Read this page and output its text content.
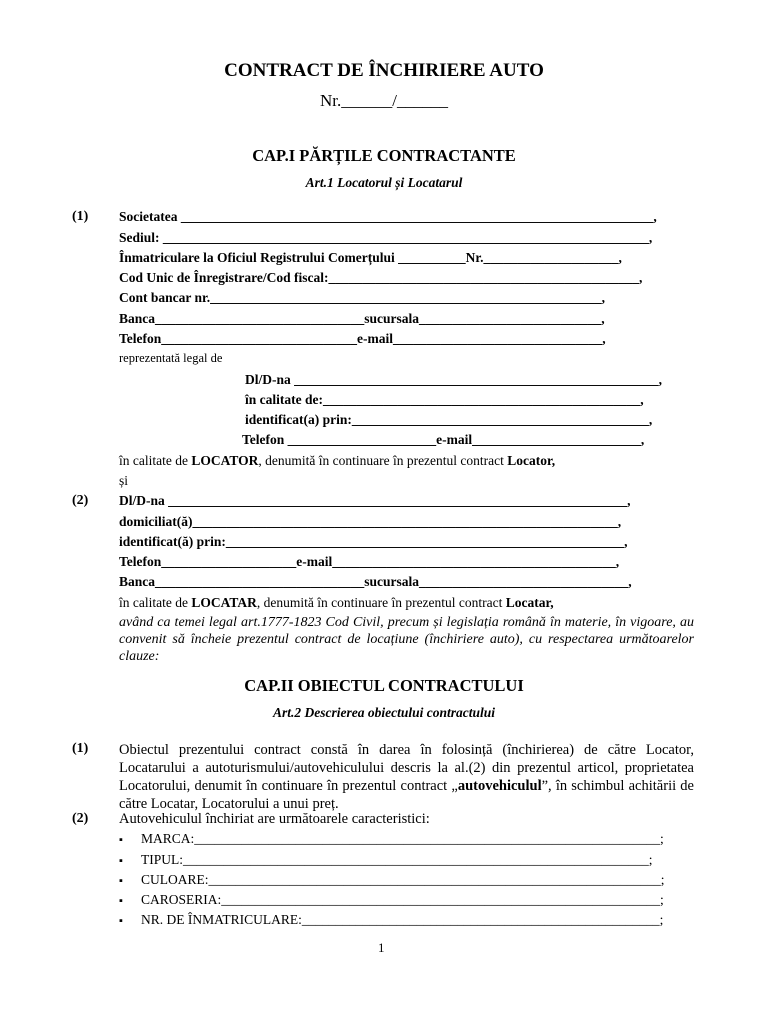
CONTRACT DE ÎNCHIRIERE AUTO
Nr.______/______
CAP.I PĂRȚILE CONTRACTANTE
Art.1 Locatorul și Locatarul
(1) Societatea ______________________________________________________________________,
Sediul: ________________________________________________________________________,
Înmatriculare la Oficiul Registrului Comerțului __________Nr.____________________,
Cod Unic de Înregistrare/Cod fiscal:______________________________________________,
Cont bancar nr.__________________________________________________________,
Banca_______________________________sucursala___________________________,
Telefon_____________________________e-mail_______________________________,
reprezentată legal de
Dl/D-na ______________________________________________________,
în calitate de:_______________________________________________,
identificat(a) prin:____________________________________________,
Telefon ______________________e-mail_________________________,
în calitate de LOCATOR, denumită în continuare în prezentul contract Locator,
și
(2) Dl/D-na ____________________________________________________________________,
domiciliat(ă)_______________________________________________________________,
identificat(ă) prin:___________________________________________________________,
Telefon____________________e-mail__________________________________________,
Banca_______________________________sucursala_______________________________,
în calitate de LOCATAR, denumită în continuare în prezentul contract Locatar,
având ca temei legal art.1777-1823 Cod Civil, precum și legislația română în materie, în vigoare, au convenit să încheie prezentul contract de locațiune (închiriere auto), cu respectarea următoarelor clauze:
CAP.II OBIECTUL CONTRACTULUI
Art.2 Descrierea obiectului contractului
(1) Obiectul prezentului contract constă în darea în folosință (închirierea) de către Locator, Locatarului a autoturismului/autovehiculului descris la al.(2) din prezentul articol, proprietatea Locatorului, denumit în continuare în prezentul contract „autovehiculul”, în schimbul achitării de către Locatar, Locatorului a unui preț.
(2) Autovehiculul închiriat are următoarele caracteristici:
▪ MARCA:_____________________________________________________________________;
▪ TIPUL:_____________________________________________________________________;
▪ CULOARE:___________________________________________________________________;
▪ CAROSERIA:_________________________________________________________________;
▪ NR. DE ÎNMATRICULARE:_____________________________________________________;
1
